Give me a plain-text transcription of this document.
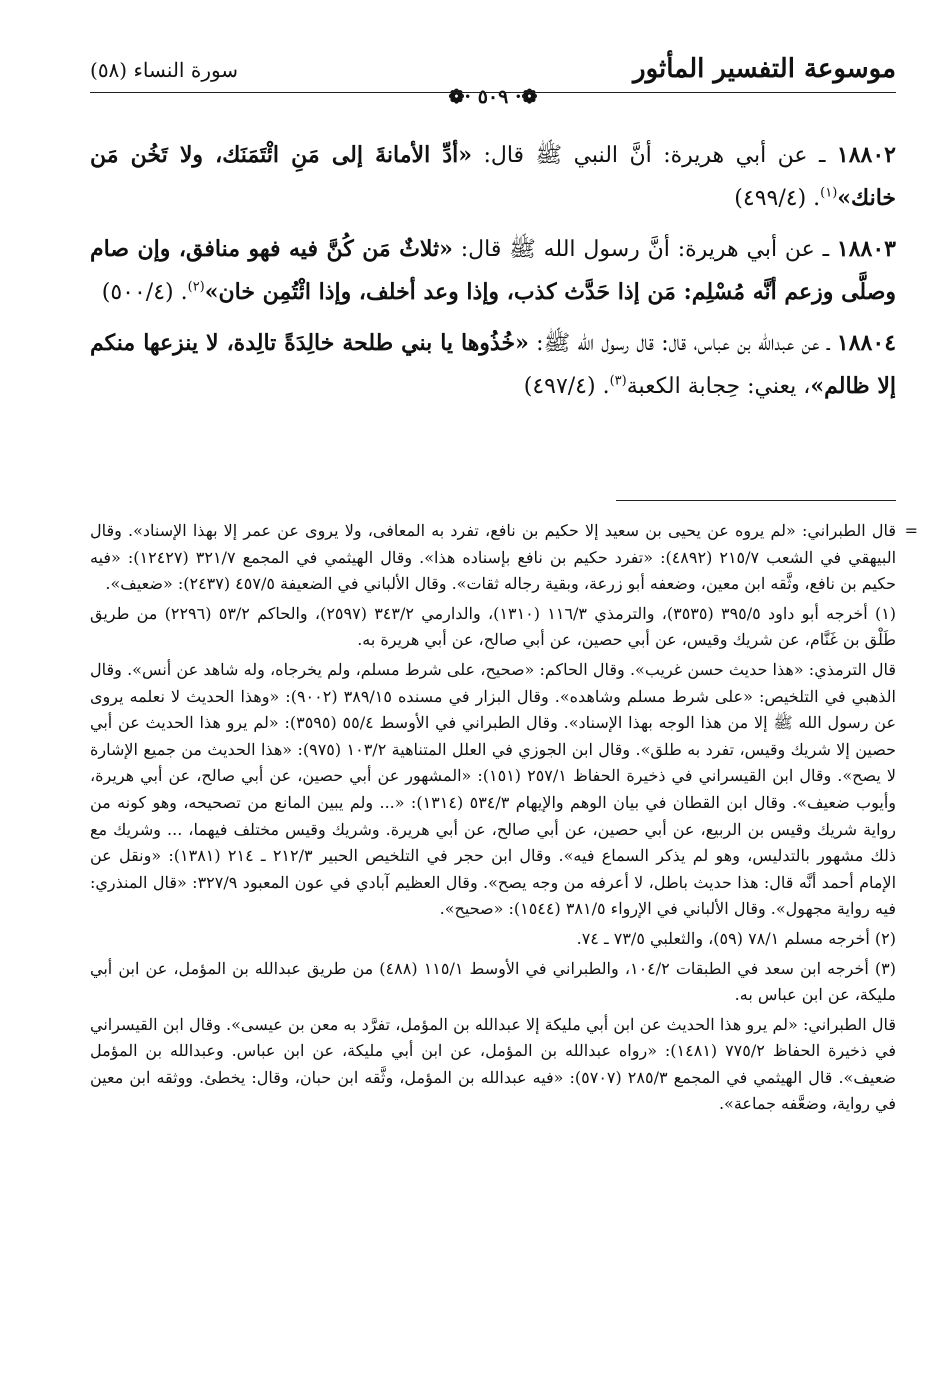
موسوعة التفسير المأثور
❁· ٥٠٩ ·❁
سورة النساء (٥٨)

١٨٨٠٢ ـ عن أبي هريرة: أنَّ النبي ﷺ قال: «أدِّ الأمانةَ إلى مَنِ ائْتَمَنَك، ولا تَخُن مَن خانك»$^{(١)}$. (٤٩٩/٤)

١٨٨٠٣ ـ عن أبي هريرة: أنَّ رسول الله ﷺ قال: «ثلاثٌ مَن كُنَّ فيه فهو منافق، وإن صام وصلَّى وزعم أنَّه مُسْلِم: مَن إذا حَدَّث كذب، وإذا وعد أخلف، وإذا ائْتُمِن خان»$^{(٢)}$. (٥٠٠/٤)

١٨٨٠٤ ـ عن عبدالله بن عباس، قال: قال رسول الله ﷺ: «خُذُوها يا بني طلحة خالِدَةً تالِدة، لا ينزعها منكم إلا ظالم»، يعني: حِجابة الكعبة$^{(٣)}$. (٤٩٧/٤)

=
قال الطبراني: «لم يروه عن يحيى بن سعيد إلا حكيم بن نافع، تفرد به المعافى، ولا يروى عن عمر إلا بهذا الإسناد». وقال البيهقي في الشعب ٢١٥/٧ (٤٨٩٢): «تفرد حكيم بن نافع بإسناده هذا». وقال الهيثمي في المجمع ٣٢١/٧ (١٢٤٢٧): «فيه حكيم بن نافع، وثَّقه ابن معين، وضعفه أبو زرعة، وبقية رجاله ثقات». وقال الألباني في الضعيفة ٤٥٧/٥ (٢٤٣٧): «ضعيف».

(١) أخرجه أبو داود ٣٩٥/٥ (٣٥٣٥)، والترمذي ١١٦/٣ (١٣١٠)، والدارمي ٣٤٣/٢ (٢٥٩٧)، والحاكم ٥٣/٢ (٢٢٩٦) من طريق طَلْق بن غَنَّام، عن شريك وقيس، عن أبي حصين، عن أبي صالح، عن أبي هريرة به.

قال الترمذي: «هذا حديث حسن غريب». وقال الحاكم: «صحيح، على شرط مسلم، ولم يخرجاه، وله شاهد عن أنس». وقال الذهبي في التلخيص: «على شرط مسلم وشاهده». وقال البزار في مسنده ٣٨٩/١٥ (٩٠٠٢): «وهذا الحديث لا نعلمه يروى عن رسول الله ﷺ إلا من هذا الوجه بهذا الإسناد». وقال الطبراني في الأوسط ٥٥/٤ (٣٥٩٥): «لم يرو هذا الحديث عن أبي حصين إلا شريك وقيس، تفرد به طلق». وقال ابن الجوزي في العلل المتناهية ١٠٣/٢ (٩٧٥): «هذا الحديث من جميع الإشارة لا يصح». وقال ابن القيسراني في ذخيرة الحفاظ ٢٥٧/١ (١٥١): «المشهور عن أبي حصين، عن أبي صالح، عن أبي هريرة، وأيوب ضعيف». وقال ابن القطان في بيان الوهم والإيهام ٥٣٤/٣ (١٣١٤): «... ولم يبين المانع من تصحيحه، وهو كونه من رواية شريك وقيس بن الربيع، عن أبي حصين، عن أبي صالح، عن أبي هريرة. وشريك وقيس مختلف فيهما، ... وشريك مع ذلك مشهور بالتدليس، وهو لم يذكر السماع فيه». وقال ابن حجر في التلخيص الحبير ٢١٢/٣ ـ ٢١٤ (١٣٨١): «ونقل عن الإمام أحمد أنَّه قال: هذا حديث باطل، لا أعرفه من وجه يصح». وقال العظيم آبادي في عون المعبود ٣٢٧/٩: «قال المنذري: فيه رواية مجهول». وقال الألباني في الإرواء ٣٨١/٥ (١٥٤٤): «صحيح».

(٢) أخرجه مسلم ٧٨/١ (٥٩)، والثعلبي ٧٣/٥ ـ ٧٤.

(٣) أخرجه ابن سعد في الطبقات ١٠٤/٢، والطبراني في الأوسط ١١٥/١ (٤٨٨) من طريق عبدالله بن المؤمل، عن ابن أبي مليكة، عن ابن عباس به.

قال الطبراني: «لم يرو هذا الحديث عن ابن أبي مليكة إلا عبدالله بن المؤمل، تفرَّد به معن بن عيسى». وقال ابن القيسراني في ذخيرة الحفاظ ٧٧٥/٢ (١٤٨١): «رواه عبدالله بن المؤمل، عن ابن أبي مليكة، عن ابن عباس. وعبدالله بن المؤمل ضعيف». قال الهيثمي في المجمع ٢٨٥/٣ (٥٧٠٧): «فيه عبدالله بن المؤمل، وثَّقه ابن حبان، وقال: يخطئ. ووثقه ابن معين في رواية، وضعَّفه جماعة».
